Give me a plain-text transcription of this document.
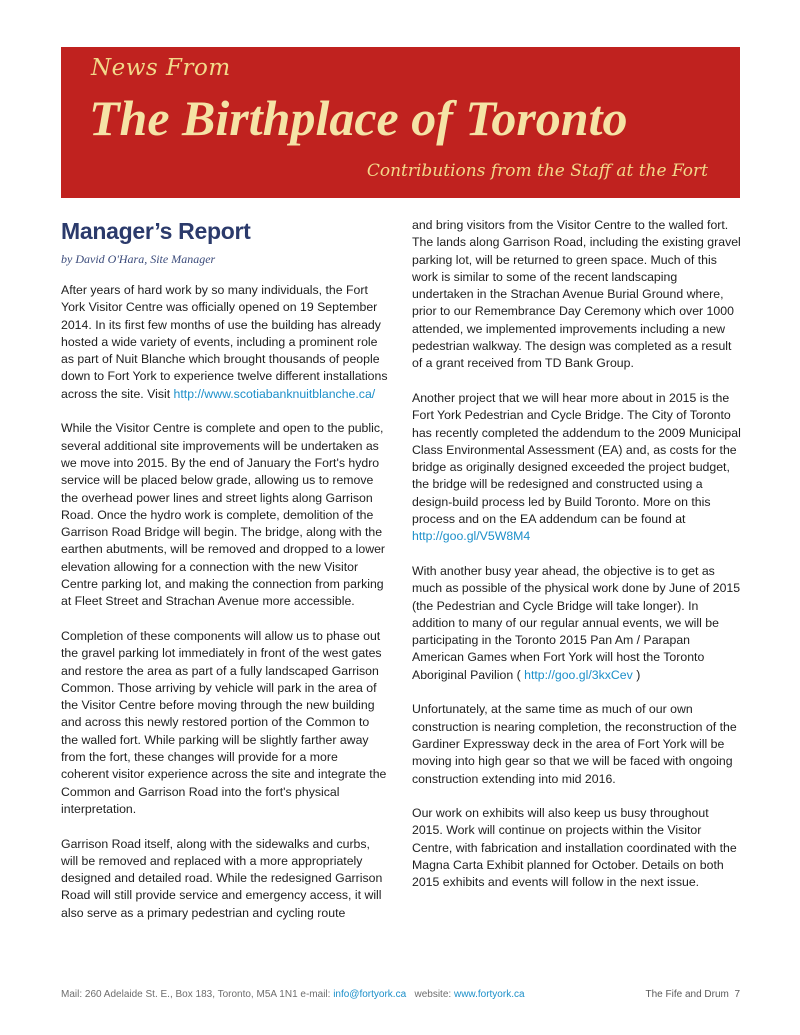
News From
The Birthplace of Toronto
Contributions from the Staff at the Fort
Manager’s Report
by David O'Hara, Site Manager

After years of hard work by so many individuals, the Fort York Visitor Centre was officially opened on 19 September 2014. In its first few months of use the building has already hosted a wide variety of events, including a prominent role as part of Nuit Blanche which brought thousands of people down to Fort York to experience twelve different installations across the site. Visit http://www.scotiabanknuitblanche.ca/

While the Visitor Centre is complete and open to the public, several additional site improvements will be undertaken as we move into 2015. By the end of January the Fort's hydro service will be placed below grade, allowing us to remove the overhead power lines and street lights along Garrison Road. Once the hydro work is complete, demolition of the Garrison Road Bridge will begin. The bridge, along with the earthen abutments, will be removed and dropped to a lower elevation allowing for a connection with the new Visitor Centre parking lot, and making the connection from parking at Fleet Street and Strachan Avenue more accessible.

Completion of these components will allow us to phase out the gravel parking lot immediately in front of the west gates and restore the area as part of a fully landscaped Garrison Common. Those arriving by vehicle will park in the area of the Visitor Centre before moving through the new building and across this newly restored portion of the Common to the walled fort. While parking will be slightly farther away from the fort, these changes will provide for a more coherent visitor experience across the site and integrate the Common and Garrison Road into the fort's physical interpretation.

Garrison Road itself, along with the sidewalks and curbs, will be removed and replaced with a more appropriately designed and detailed road. While the redesigned Garrison Road will still provide service and emergency access, it will also serve as a primary pedestrian and cycling route

and bring visitors from the Visitor Centre to the walled fort. The lands along Garrison Road, including the existing gravel parking lot, will be returned to green space. Much of this work is similar to some of the recent landscaping undertaken in the Strachan Avenue Burial Ground where, prior to our Remembrance Day Ceremony which over 1000 attended, we implemented improvements including a new pedestrian walkway. The design was completed as a result of a grant received from TD Bank Group.

Another project that we will hear more about in 2015 is the Fort York Pedestrian and Cycle Bridge. The City of Toronto has recently completed the addendum to the 2009 Municipal Class Environmental Assessment (EA) and, as costs for the bridge as originally designed exceeded the project budget, the bridge will be redesigned and constructed using a design-build process led by Build Toronto. More on this process and on the EA addendum can be found at
http://goo.gl/V5W8M4

With another busy year ahead, the objective is to get as much as possible of the physical work done by June of 2015 (the Pedestrian and Cycle Bridge will take longer). In addition to many of our regular annual events, we will be participating in the Toronto 2015 Pan Am / Parapan American Games when Fort York will host the Toronto Aboriginal Pavilion ( http://goo.gl/3kxCev )

Unfortunately, at the same time as much of our own construction is nearing completion, the reconstruction of the Gardiner Expressway deck in the area of Fort York will be moving into high gear so that we will be faced with ongoing construction extending into mid 2016.

Our work on exhibits will also keep us busy throughout 2015. Work will continue on projects within the Visitor Centre, with fabrication and installation coordinated with the Magna Carta Exhibit planned for October. Details on both 2015 exhibits and events will follow in the next issue.

Mail: 260 Adelaide St. E., Box 183, Toronto, M5A 1N1 e-mail: info@fortyork.ca   website: www.fortyork.ca	The Fife and Drum 7
